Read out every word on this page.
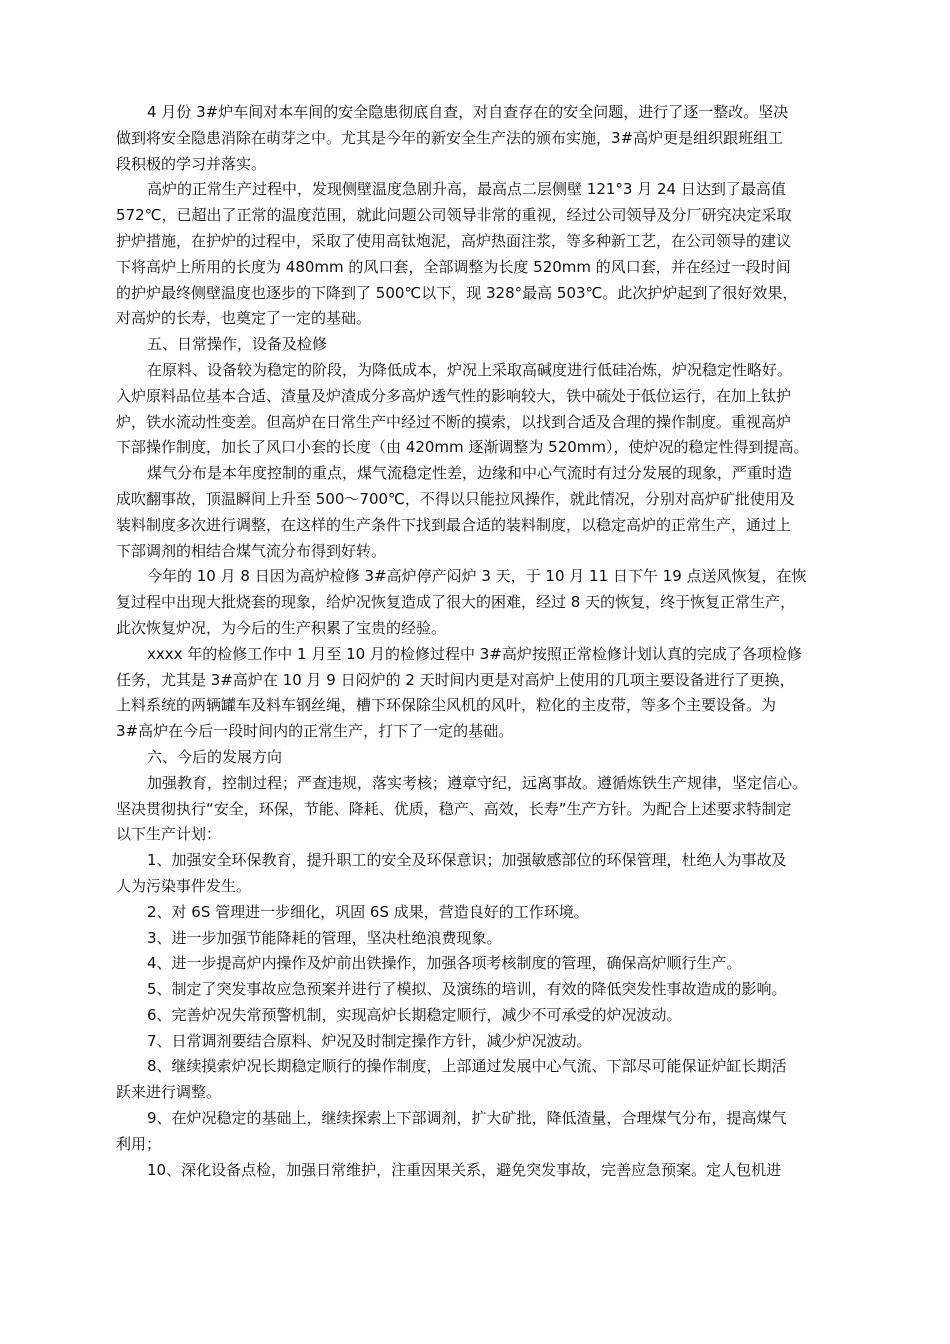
4 月份 3#炉车间对本车间的安全隐患彻底自查，对自查存在的安全问题，进行了逐一整改。坚决
做到将安全隐患消除在萌芽之中。尤其是今年的新安全生产法的颁布实施，3#高炉更是组织跟班组工
段积极的学习并落实。
高炉的正常生产过程中，发现侧壁温度急剧升高，最高点二层侧壁 121°3 月 24 日达到了最高值
572℃，已超出了正常的温度范围，就此问题公司领导非常的重视，经过公司领导及分厂研究决定采取
护炉措施，在护炉的过程中，采取了使用高钛炮泥，高炉热面注浆，等多种新工艺，在公司领导的建议
下将高炉上所用的长度为 480mm 的风口套，全部调整为长度 520mm 的风口套，并在经过一段时间
的护炉最终侧壁温度也逐步的下降到了 500℃以下，现 328°最高 503℃。此次护炉起到了很好效果，
对高炉的长寿，也奠定了一定的基础。
五、日常操作，设备及检修
在原料、设备较为稳定的阶段，为降低成本，炉况上采取高碱度进行低硅冶炼，炉况稳定性略好。
入炉原料品位基本合适、渣量及炉渣成分多高炉透气性的影响较大，铁中硫处于低位运行，在加上钛护
炉，铁水流动性变差。但高炉在日常生产中经过不断的摸索，以找到合适及合理的操作制度。重视高炉
下部操作制度，加长了风口小套的长度（由 420mm 逐渐调整为 520mm），使炉况的稳定性得到提高。
煤气分布是本年度控制的重点，煤气流稳定性差，边缘和中心气流时有过分发展的现象，严重时造
成吹翻事故，顶温瞬间上升至 500～700℃，不得以只能拉风操作，就此情况，分别对高炉矿批使用及
装料制度多次进行调整，在这样的生产条件下找到最合适的装料制度，以稳定高炉的正常生产，通过上
下部调剂的相结合煤气流分布得到好转。
今年的 10 月 8 日因为高炉检修 3#高炉停产闷炉 3 天，于 10 月 11 日下午 19 点送风恢复，在恢
复过程中出现大批烧套的现象，给炉况恢复造成了很大的困难，经过 8 天的恢复，终于恢复正常生产，
此次恢复炉况，为今后的生产积累了宝贵的经验。
xxxx 年的检修工作中 1 月至 10 月的检修过程中 3#高炉按照正常检修计划认真的完成了各项检修
任务，尤其是 3#高炉在 10 月 9 日闷炉的 2 天时间内更是对高炉上使用的几项主要设备进行了更换，
上料系统的两辆罐车及料车钢丝绳，槽下环保除尘风机的风叶，粒化的主皮带，等多个主要设备。为
3#高炉在今后一段时间内的正常生产，打下了一定的基础。
六、今后的发展方向
加强教育，控制过程；严查违规，落实考核；遵章守纪，远离事故。遵循炼铁生产规律，坚定信心。
坚决贯彻执行“安全，环保，节能、降耗、优质，稳产、高效，长寿”生产方针。为配合上述要求特制定
以下生产计划：
1、加强安全环保教育，提升职工的安全及环保意识；加强敏感部位的环保管理，杜绝人为事故及
人为污染事件发生。
2、对 6S 管理进一步细化，巩固 6S 成果，营造良好的工作环境。
3、进一步加强节能降耗的管理，坚决杜绝浪费现象。
4、进一步提高炉内操作及炉前出铁操作，加强各项考核制度的管理，确保高炉顺行生产。
5、制定了突发事故应急预案并进行了模拟、及演练的培训，有效的降低突发性事故造成的影响。
6、完善炉况失常预警机制，实现高炉长期稳定顺行，减少不可承受的炉况波动。
7、日常调剂要结合原料、炉况及时制定操作方针，减少炉况波动。
8、继续摸索炉况长期稳定顺行的操作制度，上部通过发展中心气流、下部尽可能保证炉缸长期活
跃来进行调整。
9、在炉况稳定的基础上，继续探索上下部调剂，扩大矿批，降低渣量，合理煤气分布，提高煤气
利用；
10、深化设备点检，加强日常维护，注重因果关系，避免突发事故，完善应急预案。定人包机进
